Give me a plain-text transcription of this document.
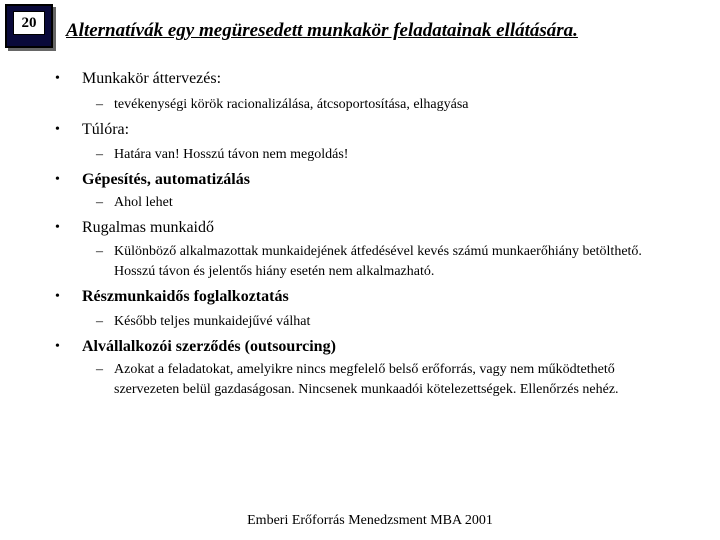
20	Alternatívák egy megüresedett munkakör feladatainak ellátására.
• Munkakör áttervezés:
– tevékenységi körök racionalizálása, átcsoportosítása, elhagyása
• Túlóra:
– Határa van! Hosszú távon nem megoldás!
• Gépesítés, automatizálás
– Ahol lehet
• Rugalmas munkaidő
– Különböző alkalmazottak munkaidejének átfedésével kevés számú munkaerőhiány betölthető. Hosszú távon és jelentős hiány esetén nem alkalmazható.
• Részmunkaidős foglalkoztatás
– Később teljes munkaidejűvé válhat
• Alvállalkozói szerződés (outsourcing)
– Azokat a feladatokat, amelyikre nincs megfelelő belső erőforrás, vagy nem működtethető szervezeten belül gazdaságosan. Nincsenek munkaadói kötelezettségek. Ellenőrzés nehéz.
Emberi Erőforrás Menedzsment MBA 2001
